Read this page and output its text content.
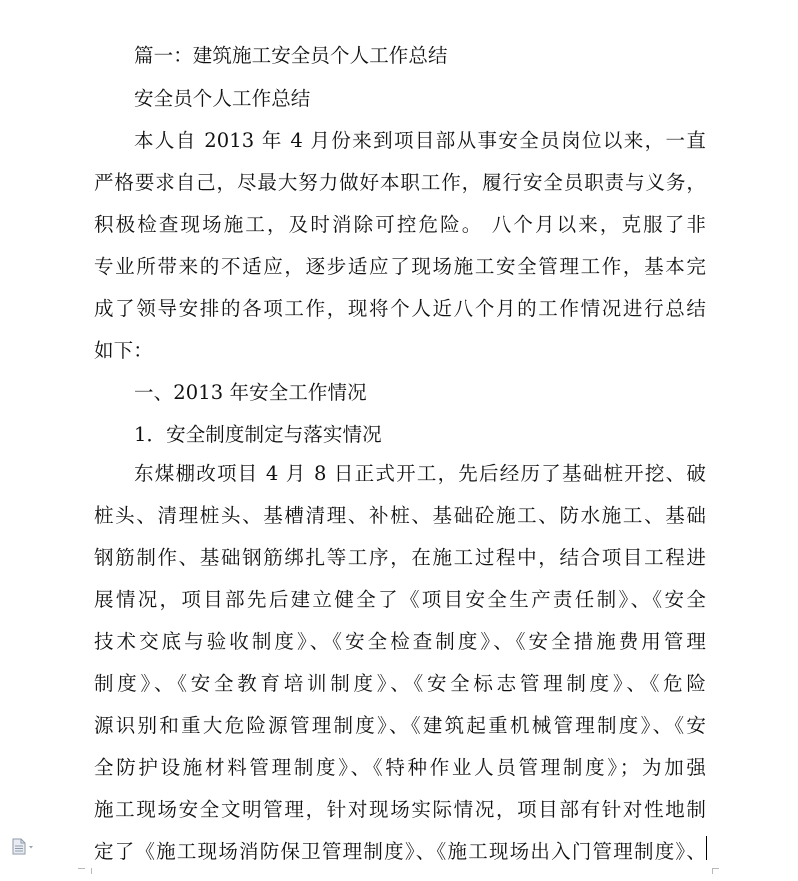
篇一：建筑施工安全员个人工作总结
安全员个人工作总结
本人自 2013 年 4 月份来到项目部从事安全员岗位以来，一直
严格要求自己，尽最大努力做好本职工作，履行安全员职责与义务，
积极检查现场施工，及时消除可控危险。 八个月以来，克服了非
专业所带来的不适应，逐步适应了现场施工安全管理工作，基本完
成了领导安排的各项工作，现将个人近八个月的工作情况进行总结
如下：
一、2013 年安全工作情况
1．安全制度制定与落实情况
东煤棚改项目 4 月 8 日正式开工，先后经历了基础桩开挖、破
桩头、清理桩头、基槽清理、补桩、基础砼施工、防水施工、基础
钢筋制作、基础钢筋绑扎等工序，在施工过程中，结合项目工程进
展情况，项目部先后建立健全了《项目安全生产责任制》、《安全
技术交底与验收制度》、《安全检查制度》、《安全措施费用管理
制度》、《安全教育培训制度》、《安全标志管理制度》、《危险
源识别和重大危险源管理制度》、《建筑起重机械管理制度》、《安
全防护设施材料管理制度》、《特种作业人员管理制度》；为加强
施工现场安全文明管理，针对现场实际情况，项目部有针对性地制
定了《施工现场消防保卫管理制度》、《施工现场出入门管理制度》、
